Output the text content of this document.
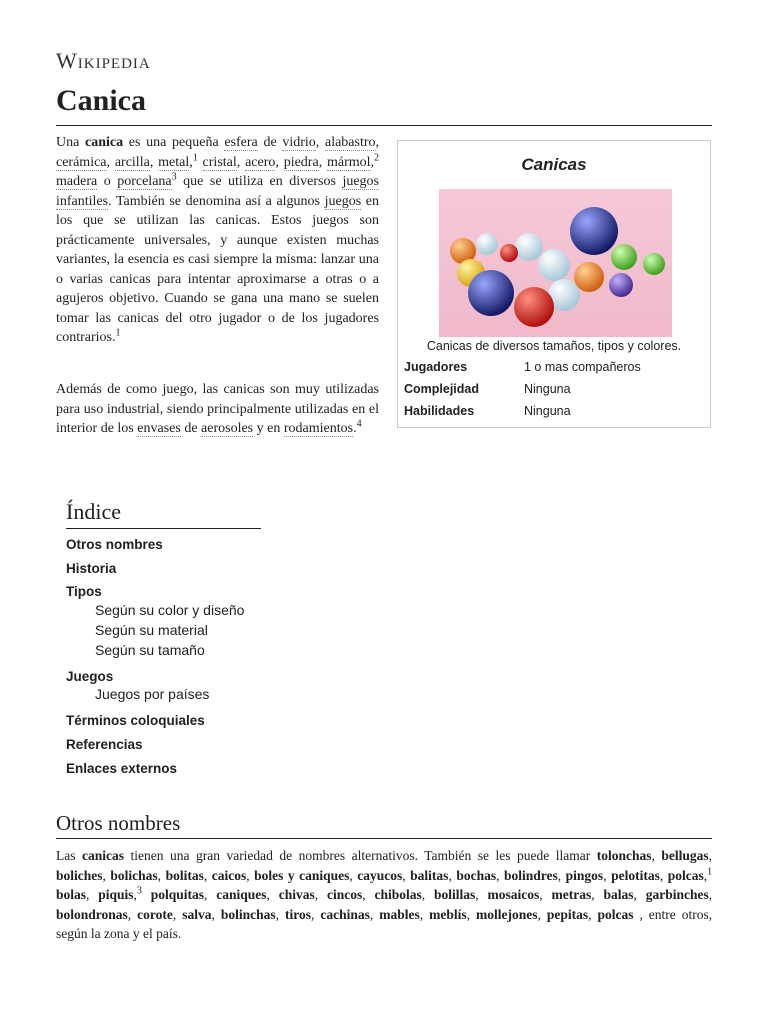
Wikipedia
Canica

Una canica es una pequeña esfera de vidrio, alabastro, cerámica, arcilla, metal,$^1$ cristal, acero, piedra, mármol,$^2$ madera o porcelana$^3$ que se utiliza en diversos juegos infantiles. También se denomina así a algunos juegos en los que se utilizan las canicas. Estos juegos son prácticamente universales, y aunque existen muchas variantes, la esencia es casi siempre la misma: lanzar una o varias canicas para intentar aproximarse a otras o a agujeros objetivo. Cuando se gana una mano se suelen tomar las canicas del otro jugador o de los jugadores contrarios.$^1$

Además de como juego, las canicas son muy utilizadas para uso industrial, siendo principalmente utilizadas en el interior de los envases de aerosoles y en rodamientos.$^4$

Canicas
Canicas de diversos tamaños, tipos y colores.
Jugadores	1 o mas compañeros
Complejidad	Ninguna
Habilidades	Ninguna
Índice
Otros nombres
Historia
Tipos
Según su color y diseño
Según su material
Según su tamaño
Juegos
Juegos por países
Términos coloquiales
Referencias
Enlaces externos
Otros nombres

Las canicas tienen una gran variedad de nombres alternativos. También se les puede llamar tolonchas, bellugas, boliches, bolichas, bolitas, caicos, boles y caniques, cayucos, balitas, bochas, bolindres, pingos, pelotitas, polcas,$^1$ bolas, piquis,$^3$ polquitas, caniques, chivas, cincos, chibolas, bolillas, mosaicos, metras, balas, garbinches, bolondronas, corote, salva, bolinchas, tiros, cachinas, mables, meblís, mollejones, pepitas, polcas , entre otros, según la zona y el país.
